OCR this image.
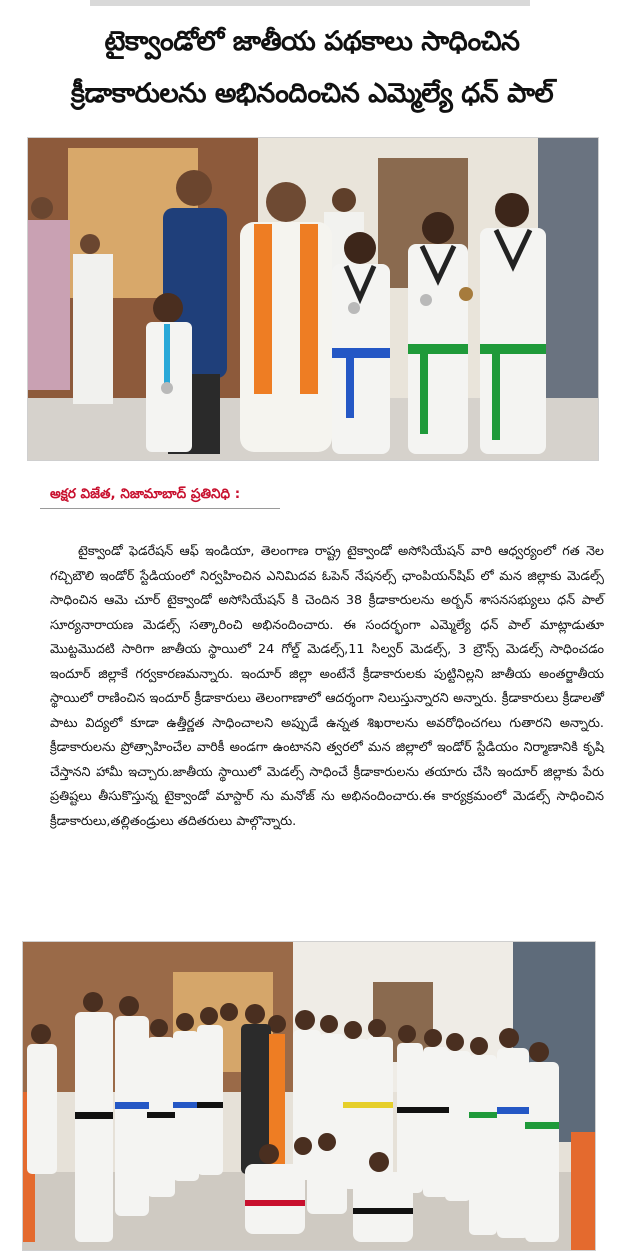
టైక్వాండోలో జాతీయ పథకాలు సాధించిన
క్రీడాకారులను అభినందించిన ఎమ్మెల్యే ధన్ పాల్
అక్షర విజేత, నిజామాబాద్ ప్రతినిధి :

టైక్వాండో ఫెడరేషన్ ఆఫ్ ఇండియా, తెలంగాణ రాష్ట్ర టైక్వాండో అసోసియేషన్ వారి ఆధ్వర్యంలో గత నెల గచ్చిబౌలి ఇండోర్ స్టేడియంలో నిర్వహించిన ఎనిమిదవ ఓపెన్ నేషనల్స్ ఛాంపియన్‌షిప్ లో మన జిల్లాకు మెడల్స్ సాధించిన ఆమె చూర్ టైక్వాండో అసోసియేషన్ కి చెందిన 38 క్రీడాకారులను అర్బన్ శాసనసభ్యులు ధన్ పాల్ సూర్యనారాయణ మెడల్స్ సత్కారించి అభినందించారు. ఈ సందర్భంగా ఎమ్మెల్యే ధన్ పాల్ మాట్లాడుతూ మొట్టమొదటి సారిగా జాతీయ స్థాయిలో 24 గోల్డ్ మెడల్స్,11 సిల్వర్ మెడల్స్, 3 బ్రౌన్స్ మెడల్స్ సాధించడం ఇందూర్ జిల్లాకే గర్వకారణమన్నారు. ఇందూర్ జిల్లా అంటేనే క్రీడాకారులకు పుట్టినిల్లని జాతీయ అంతర్జాతీయ స్థాయిలో రాణించిన ఇందూర్ క్రీడాకారులు తెలంగాణాలో ఆదర్శంగా నిలుస్తున్నారని అన్నారు. క్రీడాకారులు క్రీడాలతో పాటు విద్యలో కూడా ఉత్తీర్ణత సాధించాలని అప్పుడే ఉన్నత శిఖరాలను అవరోధించగలు గుతారని అన్నారు. క్రీడాకారులను ప్రోత్సాహించేల వారికీ అండగా ఉంటానని త్వరలో మన జిల్లాలో ఇండోర్ స్టేడియం నిర్మాణానికి కృషి చేస్తానని హామీ ఇచ్చారు.జాతీయ స్థాయిలో మెడల్స్ సాధించే క్రీడాకారులను తయారు చేసి ఇందూర్ జిల్లాకు పేరు ప్రతిష్టలు తీసుకొస్తున్న టైక్వాండో మాస్టార్ ను మనోజ్ ను అభినందించారు.ఈ కార్యక్రమంలో మెడల్స్ సాధించిన క్రీడాకారులు,తల్లితండ్రులు తదితరులు పాల్గొన్నారు.
